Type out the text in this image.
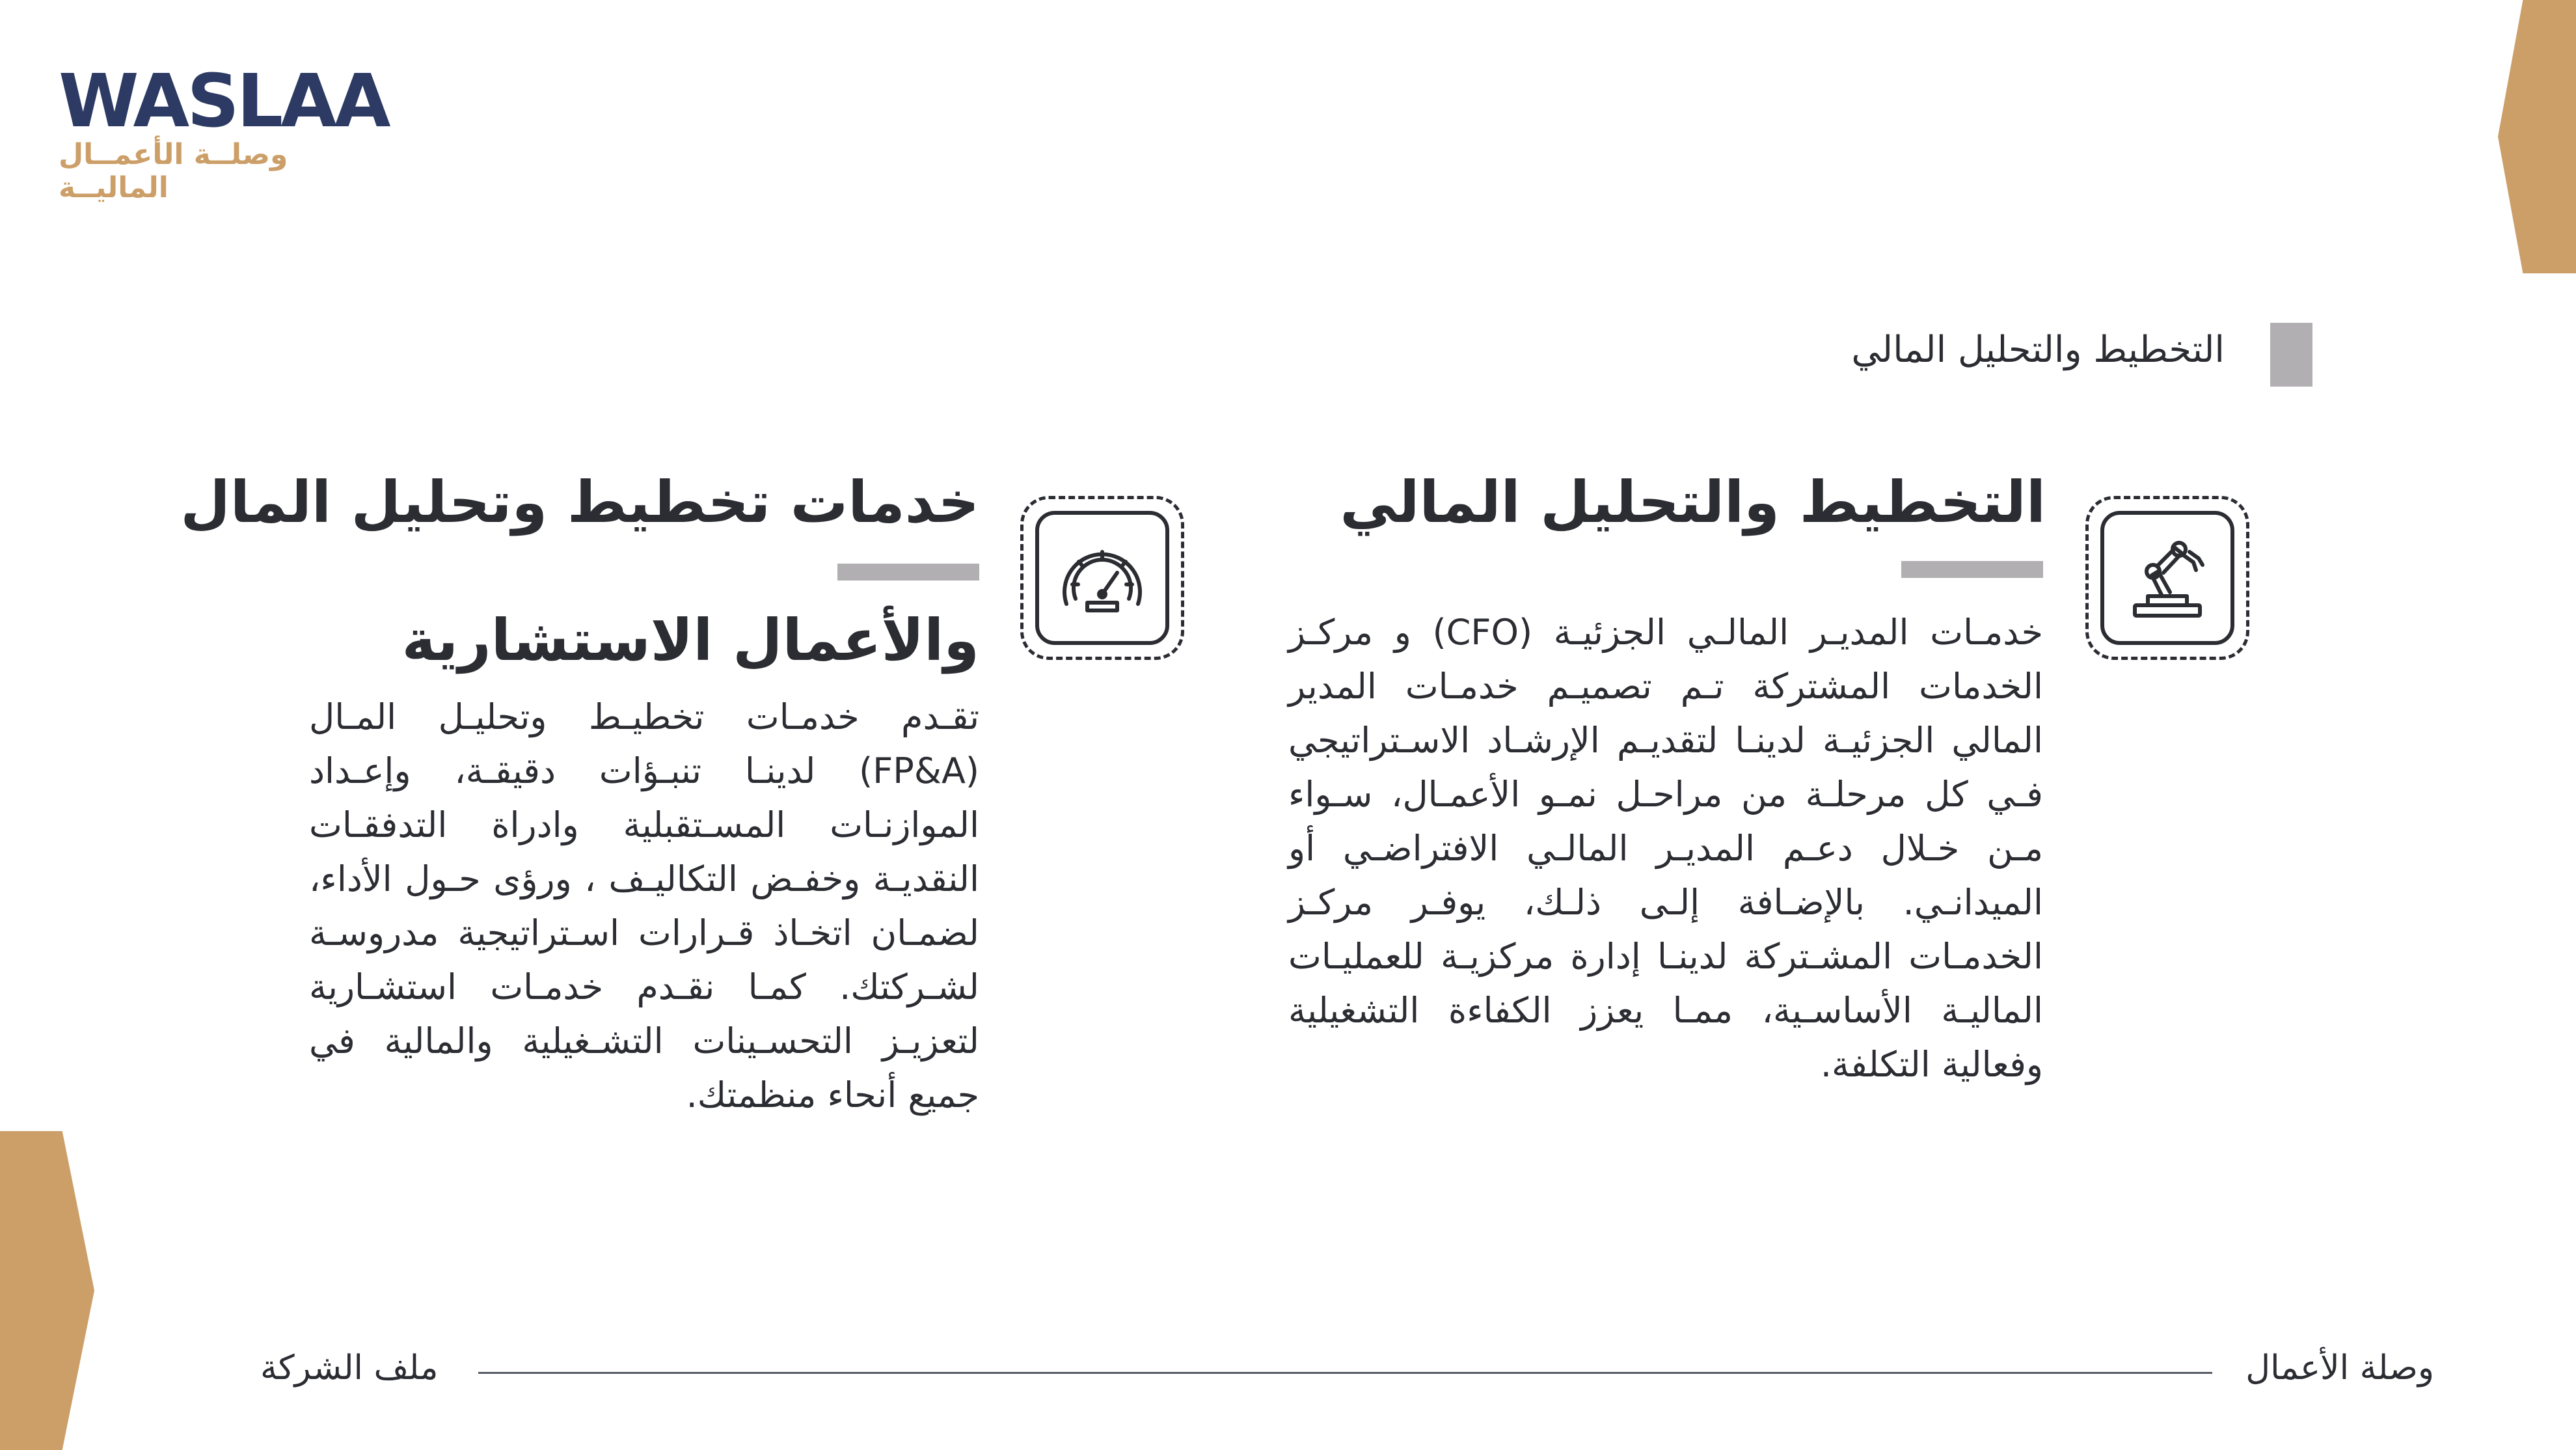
WASLAA
وصلــة الأعمــال الماليــة
التخطيط والتحليل المالي
التخطيط والتحليل المالي
خدمـات المديـر المالـي الجزئيـة (CFO) و مركـز الخدمات المشتركة تـم تصميـم خدمـات المدير المالي الجزئيـة لدينـا لتقديـم الإرشـاد الاسـتراتيجي فـي كل مرحلـة من مراحـل نمـو الأعمـال، سـواء مـن خـلال دعـم المديـر المالـي الافتراضـي أو الميدانـي. بالإضـافة إلـى ذلـك، يوفـر مركـز الخدمـات المشـتركة لدينـا إدارة مركزيـة للعمليـات الماليـة الأساسـية، ممـا يعزز الكفاءة التشغيلية وفعالية التكلفة.
خدمات تخطيط وتحليل المال
والأعمال الاستشارية
تقـدم خدمـات تخطيـط وتحليـل المـال (FP&A) لدينـا تنبـؤات دقيقـة، وإعـداد الموازنـات المسـتقبلية وادراة التدفقـات النقديـة وخفـض التكاليـف ، ورؤى حـول الأداء، لضمـان اتخـاذ قـرارات اسـتراتيجية مدروسـة لشـركتك. كمـا نقـدم خدمـات استشـارية لتعزيـز التحسـينات التشـغيلية والمالية في جميع أنحاء منظمتك.
ملف الشركة	وصلة الأعمال
